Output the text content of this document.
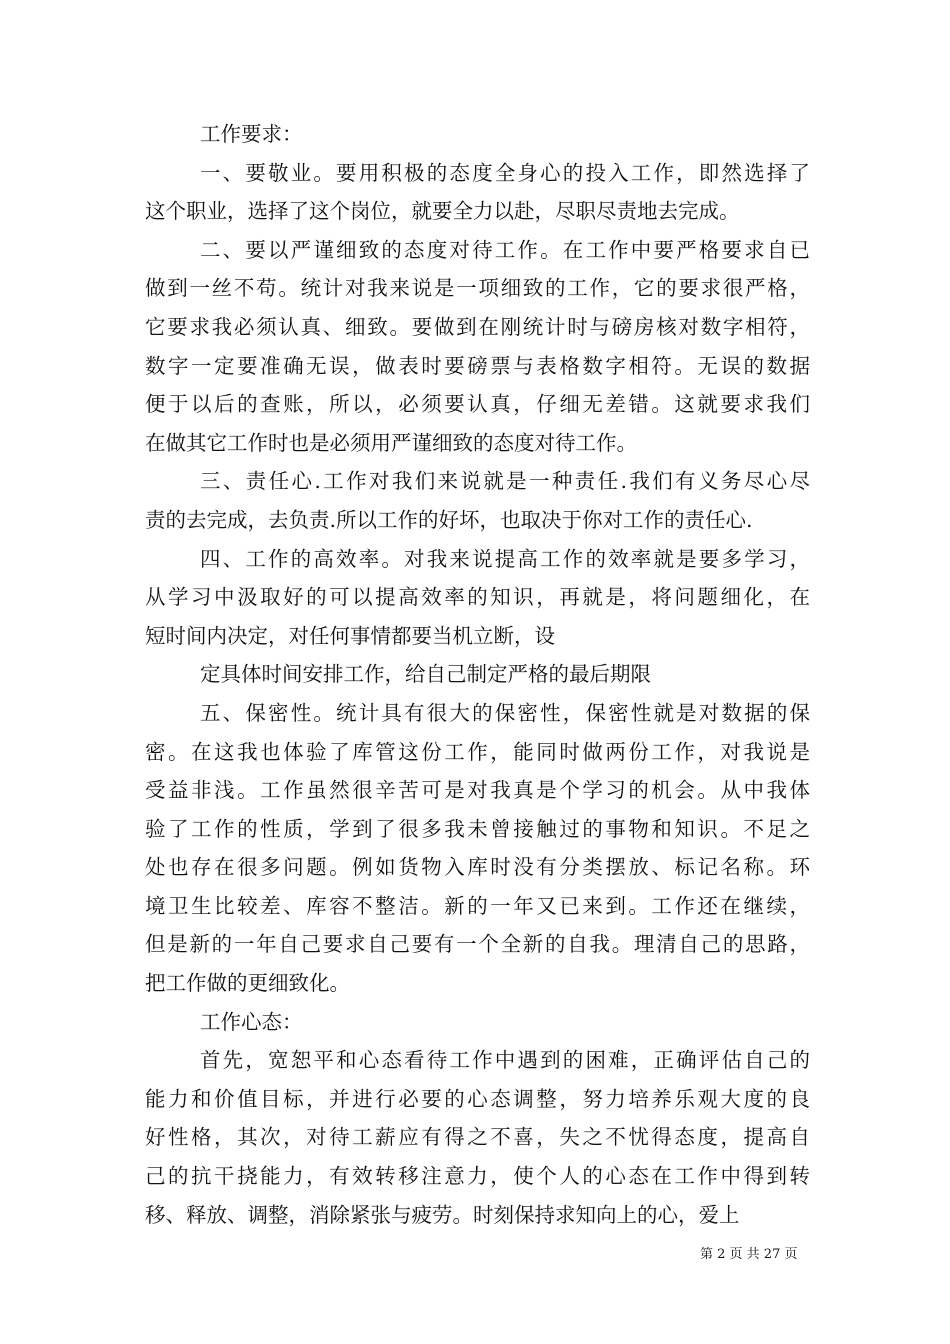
工作要求：
一、要敬业。要用积极的态度全身心的投入工作，即然选择了
这个职业，选择了这个岗位，就要全力以赴，尽职尽责地去完成。
二、要以严谨细致的态度对待工作。在工作中要严格要求自已
做到一丝不苟。统计对我来说是一项细致的工作，它的要求很严格，
它要求我必须认真、细致。要做到在刚统计时与磅房核对数字相符，
数字一定要准确无误，做表时要磅票与表格数字相符。无误的数据
便于以后的查账，所以，必须要认真，仔细无差错。这就要求我们
在做其它工作时也是必须用严谨细致的态度对待工作。
三、责任心.工作对我们来说就是一种责任.我们有义务尽心尽
责的去完成，去负责.所以工作的好坏，也取决于你对工作的责任心.
四、工作的高效率。对我来说提高工作的效率就是要多学习，
从学习中汲取好的可以提高效率的知识，再就是，将问题细化，在
短时间内决定，对任何事情都要当机立断，设
定具体时间安排工作，给自己制定严格的最后期限
五、保密性。统计具有很大的保密性，保密性就是对数据的保
密。在这我也体验了库管这份工作，能同时做两份工作，对我说是
受益非浅。工作虽然很辛苦可是对我真是个学习的机会。从中我体
验了工作的性质，学到了很多我未曾接触过的事物和知识。不足之
处也存在很多问题。例如货物入库时没有分类摆放、标记名称。环
境卫生比较差、库容不整洁。新的一年又已来到。工作还在继续，
但是新的一年自己要求自己要有一个全新的自我。理清自己的思路，
把工作做的更细致化。
工作心态：
首先，宽恕平和心态看待工作中遇到的困难，正确评估自己的
能力和价值目标，并进行必要的心态调整，努力培养乐观大度的良
好性格，其次，对待工薪应有得之不喜，失之不忧得态度，提高自
己的抗干挠能力，有效转移注意力，使个人的心态在工作中得到转
移、释放、调整，消除紧张与疲劳。时刻保持求知向上的心，爱上
第 2 页 共 27 页
